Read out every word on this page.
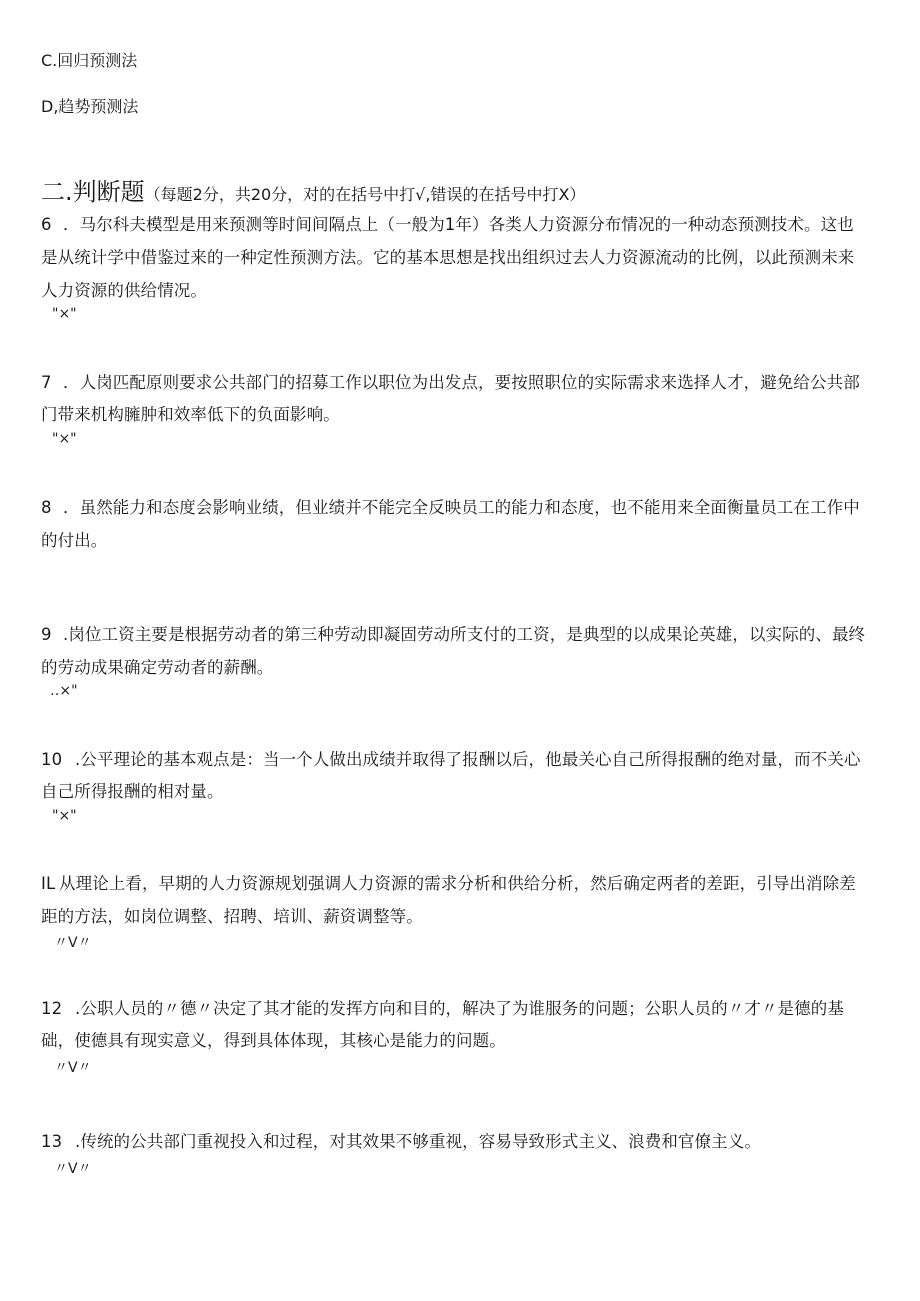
C.回归预测法
D,趋势预测法
二.判断题（每题2分，共20分，对的在括号中打√,错误的在括号中打X）
6 ．马尔科夫模型是用来预测等时间间隔点上（一般为1年）各类人力资源分布情况的一种动态预测技术。这也
是从统计学中借鉴过来的一种定性预测方法。它的基本思想是找出组织过去人力资源流动的比例，以此预测未来
人力资源的供给情况。
"×"
7 ．人岗匹配原则要求公共部门的招募工作以职位为出发点，要按照职位的实际需求来选择人才，避免给公共部
门带来机构臃肿和效率低下的负面影响。
"×"
8 ．虽然能力和态度会影响业绩，但业绩并不能完全反映员工的能力和态度，也不能用来全面衡量员工在工作中
的付出。
9 .岗位工资主要是根据劳动者的第三种劳动即凝固劳动所支付的工资，是典型的以成果论英雄，以实际的、最终
的劳动成果确定劳动者的薪酬。
‥×"
10 .公平理论的基本观点是：当一个人做出成绩并取得了报酬以后，他最关心自己所得报酬的绝对量，而不关心
自己所得报酬的相对量。
"×"
IL 从理论上看，早期的人力资源规划强调人力资源的需求分析和供给分析，然后确定两者的差距，引导出消除差
距的方法，如岗位调整、招聘、培训、薪资调整等。
〃V〃
12 .公职人员的〃德〃决定了其才能的发挥方向和目的，解决了为谁服务的问题；公职人员的〃才〃是德的基
础，使德具有现实意义，得到具体体现，其核心是能力的问题。
〃V〃
13 .传统的公共部门重视投入和过程，对其效果不够重视，容易导致形式主义、浪费和官僚主义。
〃V〃
